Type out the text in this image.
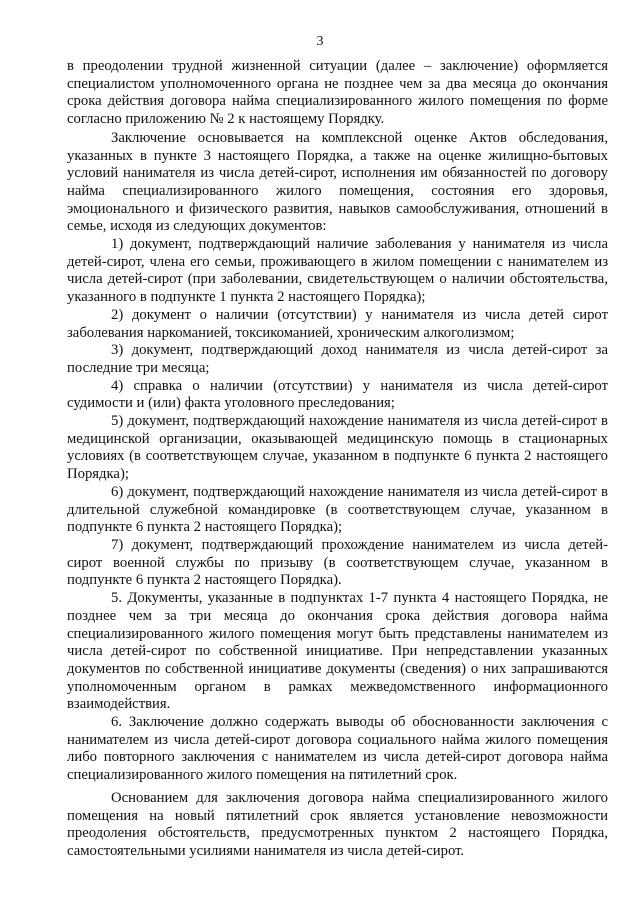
3

в преодолении трудной жизненной ситуации (далее – заключение) оформляется специалистом уполномоченного органа не позднее чем за два месяца до окончания срока действия договора найма специализированного жилого помещения по форме согласно приложению № 2 к настоящему Порядку.

Заключение основывается на комплексной оценке Актов обследования, указанных в пункте 3 настоящего Порядка, а также на оценке жилищно-бытовых условий нанимателя из числа детей-сирот, исполнения им обязанностей по договору найма специализированного жилого помещения, состояния его здоровья, эмоционального и физического развития, навыков самообслуживания, отношений в семье, исходя из следующих документов:

1) документ, подтверждающий наличие заболевания у нанимателя из числа детей-сирот, члена его семьи, проживающего в жилом помещении с нанимателем из числа детей-сирот (при заболевании, свидетельствующем о наличии обстоятельства, указанного в подпункте 1 пункта 2 настоящего Порядка);

2) документ о наличии (отсутствии) у нанимателя из числа детей сирот заболевания наркоманией, токсикоманией, хроническим алкоголизмом;

3) документ, подтверждающий доход нанимателя из числа детей-сирот за последние три месяца;

4) справка о наличии (отсутствии) у нанимателя из числа детей-сирот судимости и (или) факта уголовного преследования;

5) документ, подтверждающий нахождение нанимателя из числа детей-сирот в медицинской организации, оказывающей медицинскую помощь в стационарных условиях (в соответствующем случае, указанном в подпункте 6 пункта 2 настоящего Порядка);

6) документ, подтверждающий нахождение нанимателя из числа детей-сирот в длительной служебной командировке (в соответствующем случае, указанном в подпункте 6 пункта 2 настоящего Порядка);

7) документ, подтверждающий прохождение нанимателем из числа детей-сирот военной службы по призыву (в соответствующем случае, указанном в подпункте 6 пункта 2 настоящего Порядка).

5. Документы, указанные в подпунктах 1-7 пункта 4 настоящего Порядка, не позднее чем за три месяца до окончания срока действия договора найма специализированного жилого помещения могут быть представлены нанимателем из числа детей-сирот по собственной инициативе. При непредставлении указанных документов по собственной инициативе документы (сведения) о них запрашиваются уполномоченным органом в рамках межведомственного информационного взаимодействия.

6. Заключение должно содержать выводы об обоснованности заключения с нанимателем из числа детей-сирот договора социального найма жилого помещения либо повторного заключения с нанимателем из числа детей-сирот договора найма специализированного жилого помещения на пятилетний срок.

Основанием для заключения договора найма специализированного жилого помещения на новый пятилетний срок является установление невозможности преодоления обстоятельств, предусмотренных пунктом 2 настоящего Порядка, самостоятельными усилиями нанимателя из числа детей-сирот.
